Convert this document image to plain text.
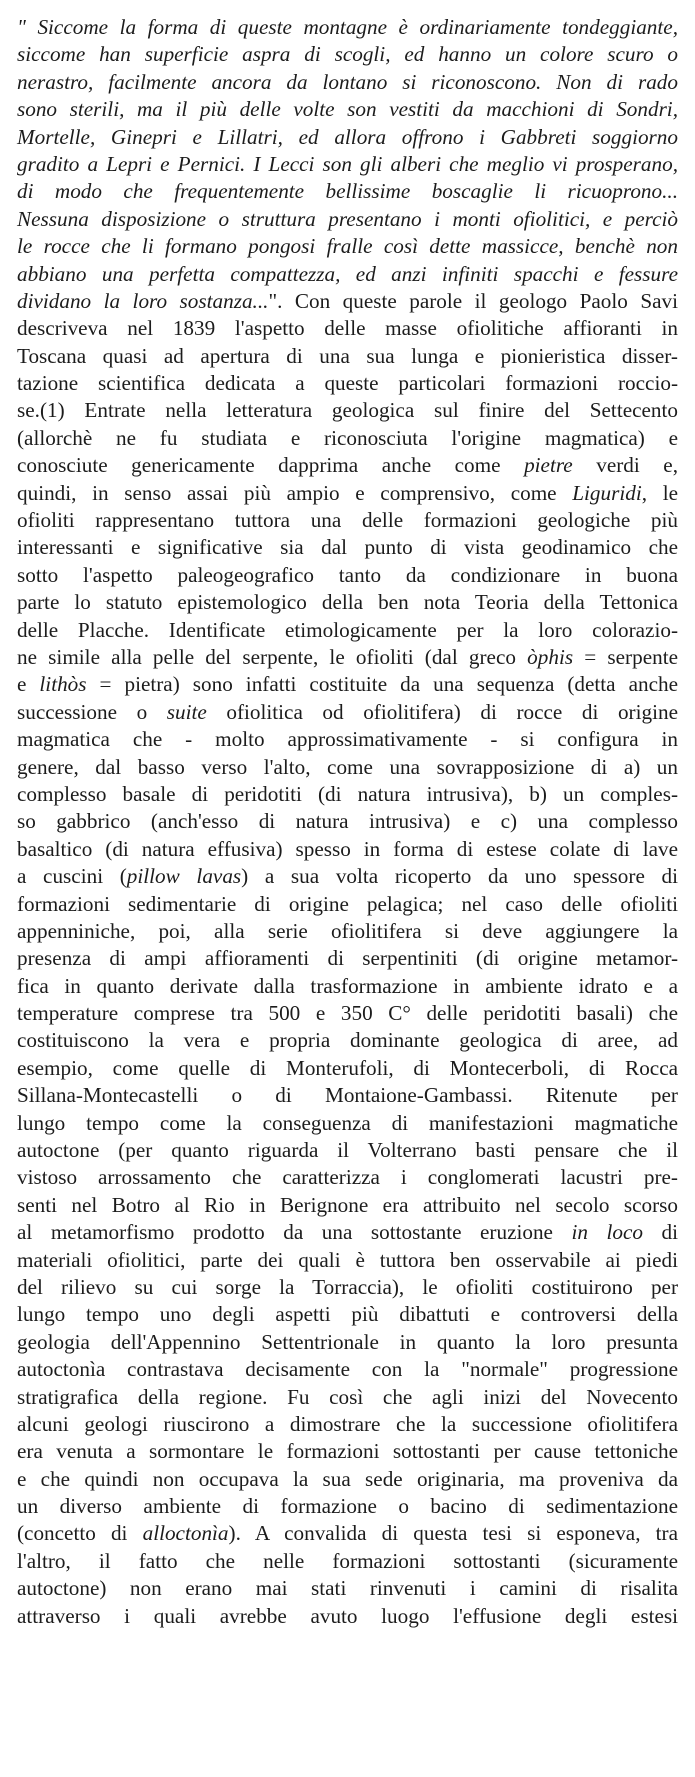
" Siccome la forma di queste montagne è ordinariamente tondeggiante,
siccome han superficie aspra di scogli, ed hanno un colore scuro o
nerastro, facilmente ancora da lontano si riconoscono. Non di rado
sono sterili, ma il più delle volte son vestiti da macchioni di Sondri,
Mortelle, Ginepri e Lillatri, ed allora offrono i Gabbreti soggiorno
gradito a Lepri e Pernici. I Lecci son gli alberi che meglio vi prosperano,
di modo che frequentemente bellissime boscaglie li ricuoprono...
Nessuna disposizione o struttura presentano i monti ofiolitici, e perciò
le rocce che li formano pongosi fralle così dette massicce, benchè non
abbiano una perfetta compattezza, ed anzi infiniti spacchi e fessure
dividano la loro sostanza...". Con queste parole il geologo Paolo Savi
descriveva nel 1839 l'aspetto delle masse ofiolitiche affioranti in
Toscana quasi ad apertura di una sua lunga e pionieristica disser-
tazione scientifica dedicata a queste particolari formazioni roccio-
se.(1) Entrate nella letteratura geologica sul finire del Settecento
(allorchè ne fu studiata e riconosciuta l'origine magmatica) e
conosciute genericamente dapprima anche come pietre verdi e,
quindi, in senso assai più ampio e comprensivo, come Liguridi, le
ofioliti rappresentano tuttora una delle formazioni geologiche più
interessanti e significative sia dal punto di vista geodinamico che
sotto l'aspetto paleogeografico tanto da condizionare in buona
parte lo statuto epistemologico della ben nota Teoria della Tettonica
delle Placche. Identificate etimologicamente per la loro colorazio-
ne simile alla pelle del serpente, le ofioliti (dal greco òphis = serpente
e lithòs = pietra) sono infatti costituite da una sequenza (detta anche
successione o suite ofiolitica od ofiolitifera) di rocce di origine
magmatica che - molto approssimativamente - si configura in
genere, dal basso verso l'alto, come una sovrapposizione di a) un
complesso basale di peridotiti (di natura intrusiva), b) un comples-
so gabbrico (anch'esso di natura intrusiva) e c) una complesso
basaltico (di natura effusiva) spesso in forma di estese colate di lave
a cuscini (pillow lavas) a sua volta ricoperto da uno spessore di
formazioni sedimentarie di origine pelagica; nel caso delle ofioliti
appenniniche, poi, alla serie ofiolitifera si deve aggiungere la
presenza di ampi affioramenti di serpentiniti (di origine metamor-
fica in quanto derivate dalla trasformazione in ambiente idrato e a
temperature comprese tra 500 e 350 C° delle peridotiti basali) che
costituiscono la vera e propria dominante geologica di aree, ad
esempio, come quelle di Monterufoli, di Montecerboli, di Rocca
Sillana-Montecastelli o di Montaione-Gambassi. Ritenute per
lungo tempo come la conseguenza di manifestazioni magmatiche
autoctone (per quanto riguarda il Volterrano basti pensare che il
vistoso arrossamento che caratterizza i conglomerati lacustri pre-
senti nel Botro al Rio in Berignone era attribuito nel secolo scorso
al metamorfismo prodotto da una sottostante eruzione in loco di
materiali ofiolitici, parte dei quali è tuttora ben osservabile ai piedi
del rilievo su cui sorge la Torraccia), le ofioliti costituirono per
lungo tempo uno degli aspetti più dibattuti e controversi della
geologia dell'Appennino Settentrionale in quanto la loro presunta
autoctonìa contrastava decisamente con la "normale" progressione
stratigrafica della regione. Fu così che agli inizi del Novecento
alcuni geologi riuscirono a dimostrare che la successione ofiolitifera
era venuta a sormontare le formazioni sottostanti per cause tettoniche
e che quindi non occupava la sua sede originaria, ma proveniva da
un diverso ambiente di formazione o bacino di sedimentazione
(concetto di alloctonìa). A convalida di questa tesi si esponeva, tra
l'altro, il fatto che nelle formazioni sottostanti (sicuramente
autoctone) non erano mai stati rinvenuti i camini di risalita
attraverso i quali avrebbe avuto luogo l'effusione degli estesi
